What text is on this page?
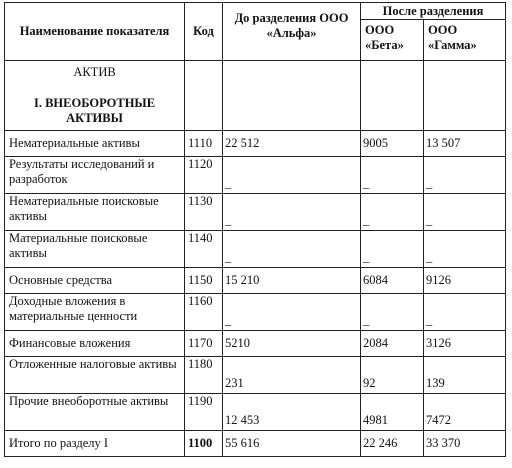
Наименование показателя	Код	До разделения ООО «Альфа»	После разделения	
			ООО «Бета»	ООО «Гамма»

АКТИВ
I. ВНЕОБОРОТНЫЕ АКТИВЫ				

Нематериальные активы	1110	22 512	9005	13 507
Результаты исследований и разработок	1120	_	_	_
Нематериальные поисковые активы	1130	_	_	_
Материальные поисковые активы	1140	_	_	_
Основные средства	1150	15 210	6084	9126
Доходные вложения в материальные ценности	1160	_	_	_
Финансовые вложения	1170	5210	2084	3126
Отложенные налоговые активы	1180	231	92	139
Прочие внеоборотные активы	1190	12 453	4981	7472
Итого по разделу I	1100	55 616	22 246	33 370
